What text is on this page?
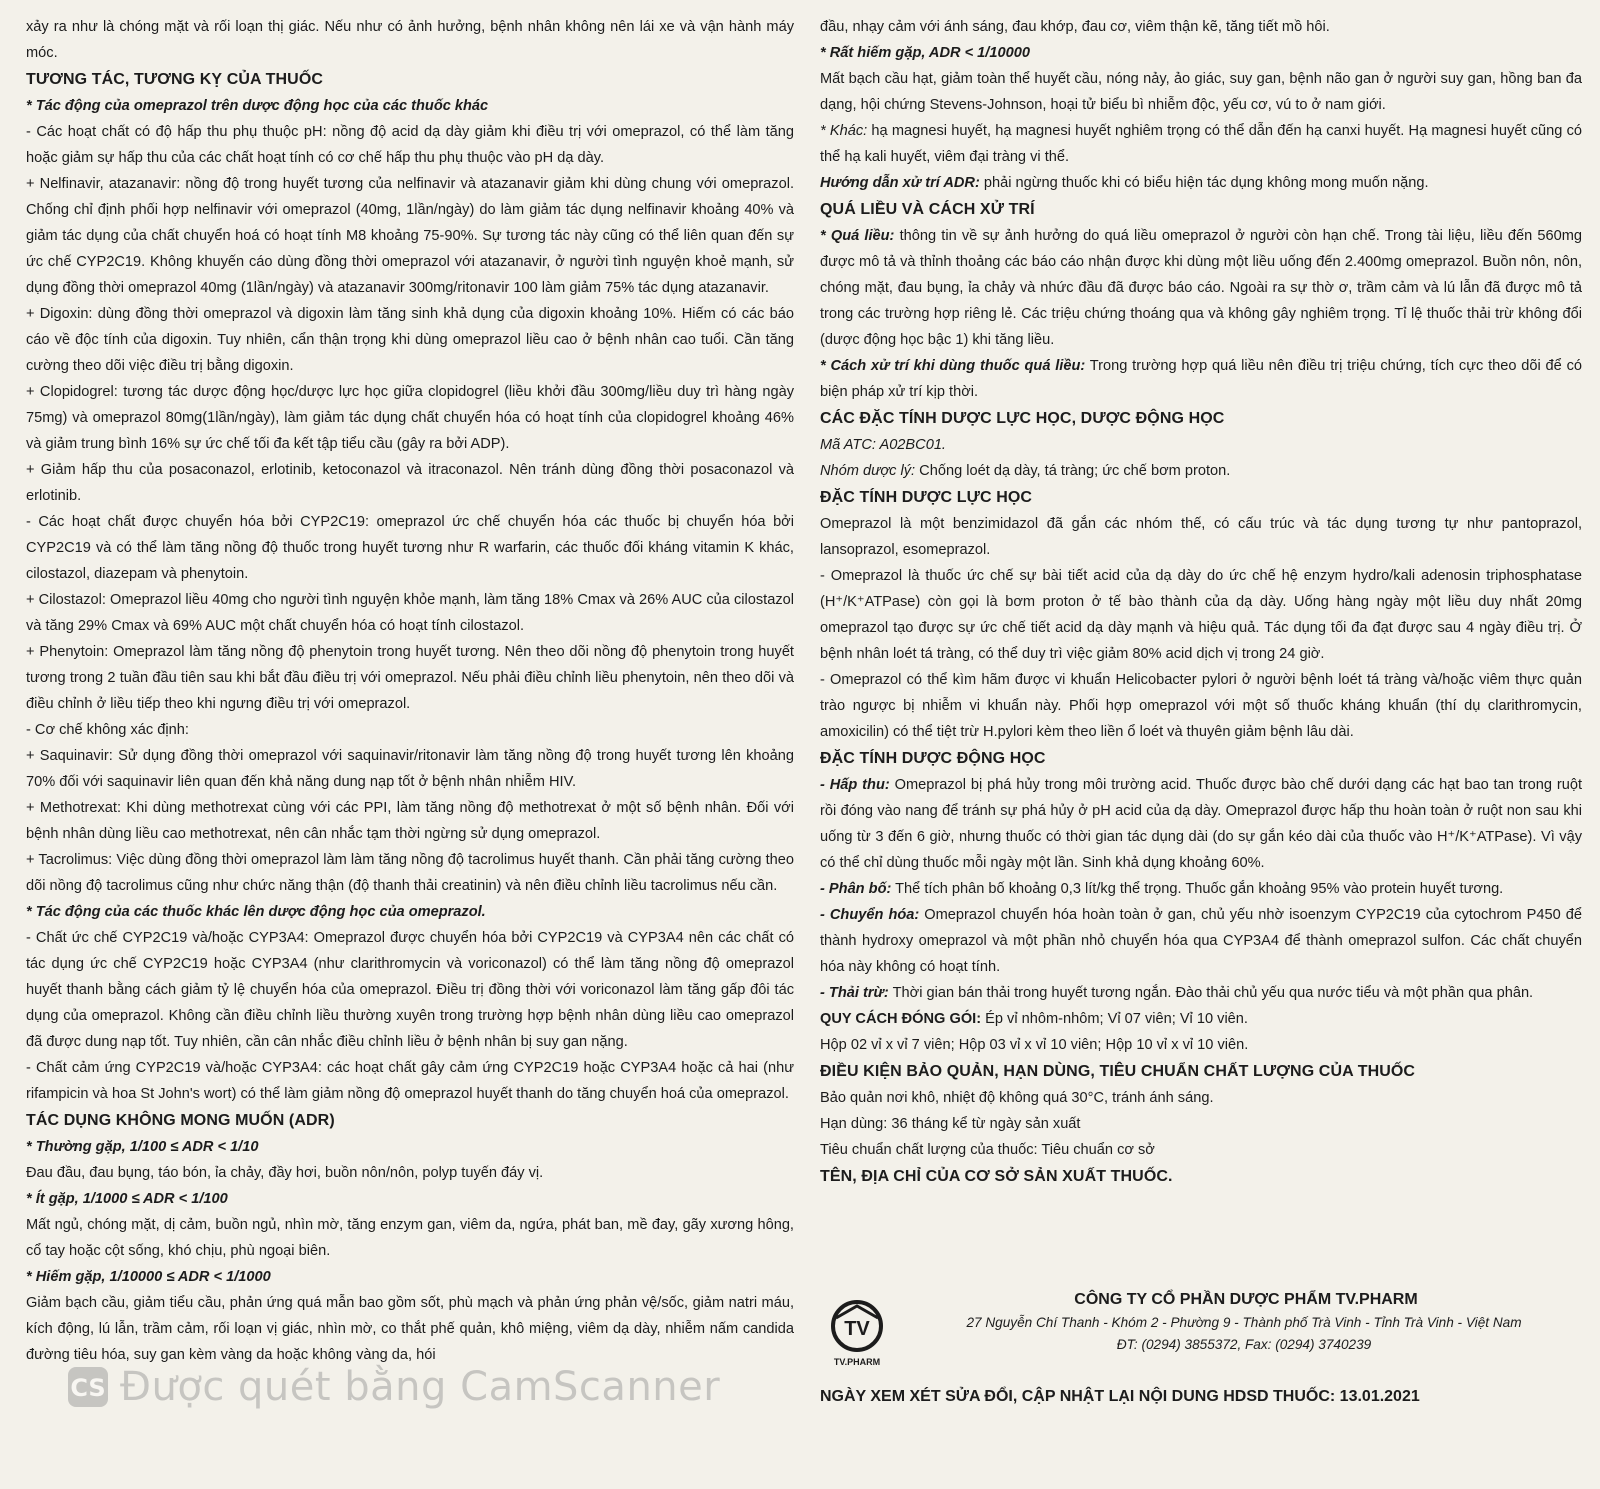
xảy ra như là chóng mặt và rối loạn thị giác. Nếu như có ảnh hưởng, bệnh nhân không nên lái xe và vận hành máy móc.

TƯƠNG TÁC, TƯƠNG KỴ CỦA THUỐC

* Tác động của omeprazol trên dược động học của các thuốc khác

- Các hoạt chất có độ hấp thu phụ thuộc pH: nồng độ acid dạ dày giảm khi điều trị với omeprazol, có thể làm tăng hoặc giảm sự hấp thu của các chất hoạt tính có cơ chế hấp thu phụ thuộc vào pH dạ dày.

+ Nelfinavir, atazanavir: nồng độ trong huyết tương của nelfinavir và atazanavir giảm khi dùng chung với omeprazol. Chống chỉ định phối hợp nelfinavir với omeprazol (40mg, 1lần/ngày) do làm giảm tác dụng nelfinavir khoảng 40% và giảm tác dụng của chất chuyển hoá có hoạt tính M8 khoảng 75-90%. Sự tương tác này cũng có thể liên quan đến sự ức chế CYP2C19. Không khuyến cáo dùng đồng thời omeprazol với atazanavir, ở người tình nguyện khoẻ mạnh, sử dụng đồng thời omeprazol 40mg (1lần/ngày) và atazanavir 300mg/ritonavir 100 làm giảm 75% tác dụng atazanavir.

+ Digoxin: dùng đồng thời omeprazol và digoxin làm tăng sinh khả dụng của digoxin khoảng 10%. Hiếm có các báo cáo về độc tính của digoxin. Tuy nhiên, cẩn thận trọng khi dùng omeprazol liều cao ở bệnh nhân cao tuổi. Cần tăng cường theo dõi việc điều trị bằng digoxin.

+ Clopidogrel: tương tác dược động học/dược lực học giữa clopidogrel (liều khởi đầu 300mg/liều duy trì hàng ngày 75mg) và omeprazol 80mg(1lần/ngày), làm giảm tác dụng chất chuyển hóa có hoạt tính của clopidogrel khoảng 46% và giảm trung bình 16% sự ức chế tối đa kết tập tiểu cầu (gây ra bởi ADP).

+ Giảm hấp thu của posaconazol, erlotinib, ketoconazol và itraconazol. Nên tránh dùng đồng thời posaconazol và erlotinib.

- Các hoạt chất được chuyển hóa bởi CYP2C19: omeprazol ức chế chuyển hóa các thuốc bị chuyển hóa bởi CYP2C19 và có thể làm tăng nồng độ thuốc trong huyết tương như R warfarin, các thuốc đối kháng vitamin K khác, cilostazol, diazepam và phenytoin.

+ Cilostazol: Omeprazol liều 40mg cho người tình nguyện khỏe mạnh, làm tăng 18% Cmax và 26% AUC của cilostazol và tăng 29% Cmax và 69% AUC một chất chuyển hóa có hoạt tính cilostazol.

+ Phenytoin: Omeprazol làm tăng nồng độ phenytoin trong huyết tương. Nên theo dõi nồng độ phenytoin trong huyết tương trong 2 tuần đầu tiên sau khi bắt đầu điều trị với omeprazol. Nếu phải điều chỉnh liều phenytoin, nên theo dõi và điều chỉnh ở liều tiếp theo khi ngưng điều trị với omeprazol.

- Cơ chế không xác định:

+ Saquinavir: Sử dụng đồng thời omeprazol với saquinavir/ritonavir làm tăng nồng độ trong huyết tương lên khoảng 70% đối với saquinavir liên quan đến khả năng dung nạp tốt ở bệnh nhân nhiễm HIV.

+ Methotrexat: Khi dùng methotrexat cùng với các PPI, làm tăng nồng độ methotrexat ở một số bệnh nhân. Đối với bệnh nhân dùng liều cao methotrexat, nên cân nhắc tạm thời ngừng sử dụng omeprazol.

+ Tacrolimus: Việc dùng đồng thời omeprazol làm làm tăng nồng độ tacrolimus huyết thanh. Cần phải tăng cường theo dõi nồng độ tacrolimus cũng như chức năng thận (độ thanh thải creatinin) và nên điều chỉnh liều tacrolimus nếu cần.

* Tác động của các thuốc khác lên dược động học của omeprazol.

- Chất ức chế CYP2C19 và/hoặc CYP3A4: Omeprazol được chuyển hóa bởi CYP2C19 và CYP3A4 nên các chất có tác dụng ức chế CYP2C19 hoặc CYP3A4 (như clarithromycin và voriconazol) có thể làm tăng nồng độ omeprazol huyết thanh bằng cách giảm tỷ lệ chuyển hóa của omeprazol. Điều trị đồng thời với voriconazol làm tăng gấp đôi tác dụng của omeprazol. Không cần điều chỉnh liều thường xuyên trong trường hợp bệnh nhân dùng liều cao omeprazol đã được dung nạp tốt. Tuy nhiên, cần cân nhắc điều chỉnh liều ở bệnh nhân bị suy gan nặng.

- Chất cảm ứng CYP2C19 và/hoặc CYP3A4: các hoạt chất gây cảm ứng CYP2C19 hoặc CYP3A4 hoặc cả hai (như rifampicin và hoa St John's wort) có thể làm giảm nồng độ omeprazol huyết thanh do tăng chuyển hoá của omeprazol.

TÁC DỤNG KHÔNG MONG MUỐN (ADR)

* Thường gặp, 1/100 ≤ ADR < 1/10

Đau đầu, đau bụng, táo bón, ỉa chảy, đầy hơi, buồn nôn/nôn, polyp tuyến đáy vị.

* Ít gặp, 1/1000 ≤ ADR < 1/100

Mất ngủ, chóng mặt, dị cảm, buồn ngủ, nhìn mờ, tăng enzym gan, viêm da, ngứa, phát ban, mề đay, gãy xương hông, cổ tay hoặc cột sống, khó chịu, phù ngoại biên.

* Hiếm gặp, 1/10000 ≤ ADR < 1/1000

Giảm bạch cầu, giảm tiểu cầu, phản ứng quá mẫn bao gồm sốt, phù mạch và phản ứng phản vệ/sốc, giảm natri máu, kích động, lú lẫn, trầm cảm, rối loạn vị giác, nhìn mờ, co thắt phế quản, khô miệng, viêm dạ dày, nhiễm nấm candida đường tiêu hóa, suy gan kèm vàng da hoặc không vàng da, hói

đầu, nhạy cảm với ánh sáng, đau khớp, đau cơ, viêm thận kẽ, tăng tiết mồ hôi.

* Rất hiếm gặp, ADR < 1/10000

Mất bạch cầu hạt, giảm toàn thể huyết cầu, nóng nảy, ảo giác, suy gan, bệnh não gan ở người suy gan, hồng ban đa dạng, hội chứng Stevens-Johnson, hoại tử biểu bì nhiễm độc, yếu cơ, vú to ở nam giới.

* Khác: hạ magnesi huyết, hạ magnesi huyết nghiêm trọng có thể dẫn đến hạ canxi huyết. Hạ magnesi huyết cũng có thể hạ kali huyết, viêm đại tràng vi thể.

Hướng dẫn xử trí ADR: phải ngừng thuốc khi có biểu hiện tác dụng không mong muốn nặng.

QUÁ LIỀU VÀ CÁCH XỬ TRÍ

* Quá liều: thông tin về sự ảnh hưởng do quá liều omeprazol ở người còn hạn chế. Trong tài liệu, liều đến 560mg được mô tả và thỉnh thoảng các báo cáo nhận được khi dùng một liều uống đến 2.400mg omeprazol. Buồn nôn, nôn, chóng mặt, đau bụng, ỉa chảy và nhức đầu đã được báo cáo. Ngoài ra sự thờ ơ, trầm cảm và lú lẫn đã được mô tả trong các trường hợp riêng lẻ. Các triệu chứng thoáng qua và không gây nghiêm trọng. Tỉ lệ thuốc thải trừ không đổi (dược động học bậc 1) khi tăng liều.

* Cách xử trí khi dùng thuốc quá liều: Trong trường hợp quá liều nên điều trị triệu chứng, tích cực theo dõi để có biện pháp xử trí kịp thời.

CÁC ĐẶC TÍNH DƯỢC LỰC HỌC, DƯỢC ĐỘNG HỌC

Mã ATC: A02BC01.

Nhóm dược lý: Chống loét dạ dày, tá tràng; ức chế bơm proton.

ĐẶC TÍNH DƯỢC LỰC HỌC

Omeprazol là một benzimidazol đã gắn các nhóm thế, có cấu trúc và tác dụng tương tự như pantoprazol, lansoprazol, esomeprazol.

- Omeprazol là thuốc ức chế sự bài tiết acid của dạ dày do ức chế hệ enzym hydro/kali adenosin triphosphatase (H⁺/K⁺ATPase) còn gọi là bơm proton ở tế bào thành của dạ dày. Uống hàng ngày một liều duy nhất 20mg omeprazol tạo được sự ức chế tiết acid dạ dày mạnh và hiệu quả. Tác dụng tối đa đạt được sau 4 ngày điều trị. Ở bệnh nhân loét tá tràng, có thể duy trì việc giảm 80% acid dịch vị trong 24 giờ.

- Omeprazol có thể kìm hãm được vi khuẩn Helicobacter pylori ở người bệnh loét tá tràng và/hoặc viêm thực quản trào ngược bị nhiễm vi khuẩn này. Phối hợp omeprazol với một số thuốc kháng khuẩn (thí dụ clarithromycin, amoxicilin) có thể tiệt trừ H.pylori kèm theo liền ổ loét và thuyên giảm bệnh lâu dài.

ĐẶC TÍNH DƯỢC ĐỘNG HỌC

- Hấp thu: Omeprazol bị phá hủy trong môi trường acid. Thuốc được bào chế dưới dạng các hạt bao tan trong ruột rồi đóng vào nang để tránh sự phá hủy ở pH acid của dạ dày. Omeprazol được hấp thu hoàn toàn ở ruột non sau khi uống từ 3 đến 6 giờ, nhưng thuốc có thời gian tác dụng dài (do sự gắn kéo dài của thuốc vào H⁺/K⁺ATPase). Vì vậy có thể chỉ dùng thuốc mỗi ngày một lần. Sinh khả dụng khoảng 60%.

- Phân bố: Thể tích phân bố khoảng 0,3 lít/kg thể trọng. Thuốc gắn khoảng 95% vào protein huyết tương.

- Chuyển hóa: Omeprazol chuyển hóa hoàn toàn ở gan, chủ yếu nhờ isoenzym CYP2C19 của cytochrom P450 để thành hydroxy omeprazol và một phần nhỏ chuyển hóa qua CYP3A4 để thành omeprazol sulfon. Các chất chuyển hóa này không có hoạt tính.

- Thải trừ: Thời gian bán thải trong huyết tương ngắn. Đào thải chủ yếu qua nước tiểu và một phần qua phân.

QUY CÁCH ĐÓNG GÓI: Ép vỉ nhôm-nhôm; Vỉ 07 viên; Vỉ 10 viên.

Hộp 02 vỉ x vỉ 7 viên; Hộp 03 vỉ x vỉ 10 viên; Hộp 10 vỉ x vỉ 10 viên.

ĐIỀU KIỆN BẢO QUẢN, HẠN DÙNG, TIÊU CHUẨN CHẤT LƯỢNG CỦA THUỐC

Bảo quản nơi khô, nhiệt độ không quá 30°C, tránh ánh sáng.

Hạn dùng: 36 tháng kể từ ngày sản xuất

Tiêu chuẩn chất lượng của thuốc: Tiêu chuẩn cơ sở

TÊN, ĐỊA CHỈ CỦA CƠ SỞ SẢN XUẤT THUỐC.
TV
TV.PHARM
CÔNG TY CỔ PHẦN DƯỢC PHẨM TV.PHARM
27 Nguyễn Chí Thanh - Khóm 2 - Phường 9 - Thành phố Trà Vinh - Tỉnh Trà Vinh - Việt Nam
ĐT: (0294) 3855372, Fax: (0294) 3740239
NGÀY XEM XÉT SỬA ĐỔI, CẬP NHẬT LẠI NỘI DUNG HDSD THUỐC: 13.01.2021
CS Được quét bằng CamScanner
